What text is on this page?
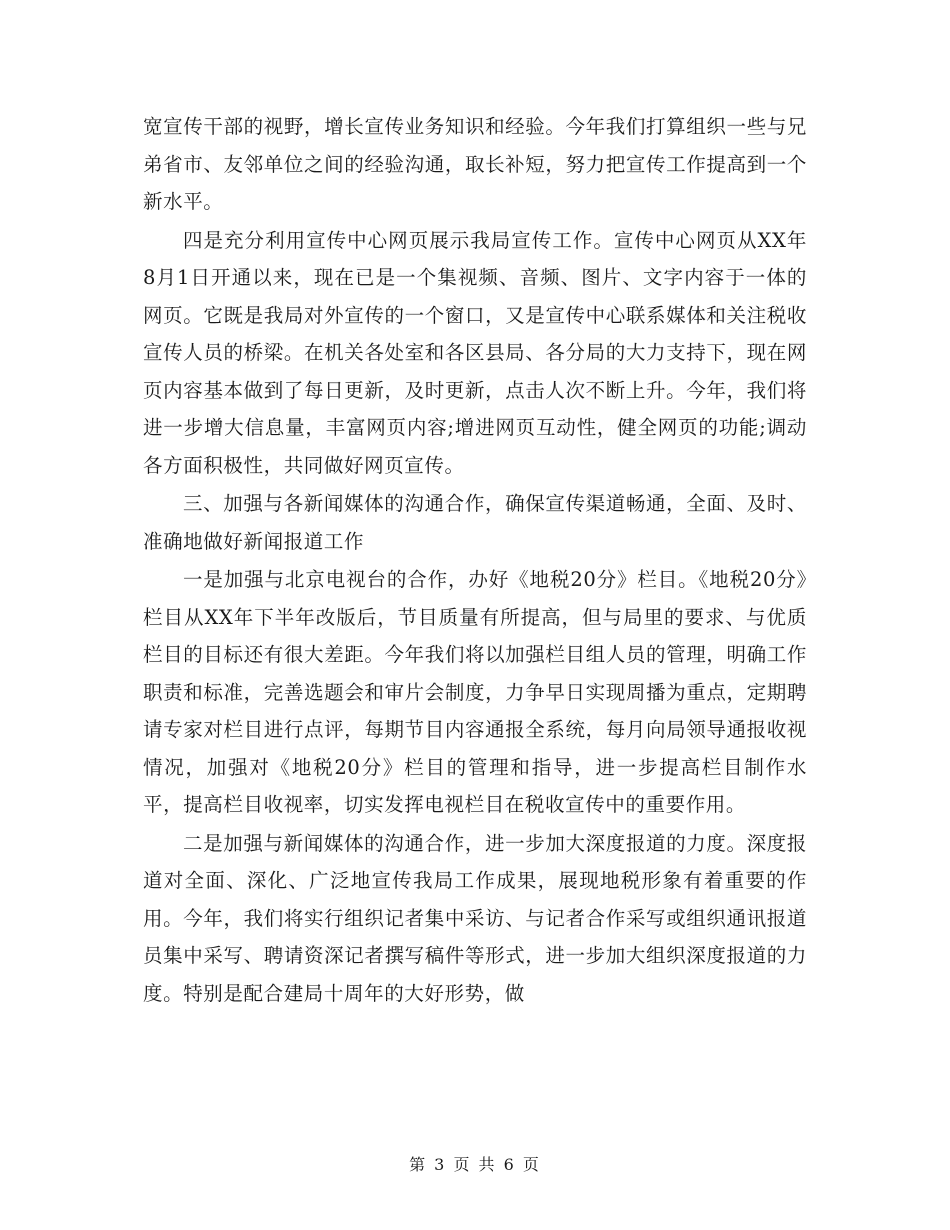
宽宣传干部的视野，增长宣传业务知识和经验。今年我们打算组织一些与兄弟省市、友邻单位之间的经验沟通，取长补短，努力把宣传工作提高到一个新水平。

四是充分利用宣传中心网页展示我局宣传工作。宣传中心网页从XX年8月1日开通以来，现在已是一个集视频、音频、图片、文字内容于一体的网页。它既是我局对外宣传的一个窗口，又是宣传中心联系媒体和关注税收宣传人员的桥梁。在机关各处室和各区县局、各分局的大力支持下，现在网页内容基本做到了每日更新，及时更新，点击人次不断上升。今年，我们将进一步增大信息量，丰富网页内容;增进网页互动性，健全网页的功能;调动各方面积极性，共同做好网页宣传。

三、加强与各新闻媒体的沟通合作，确保宣传渠道畅通，全面、及时、准确地做好新闻报道工作

一是加强与北京电视台的合作，办好《地税20分》栏目。《地税20分》栏目从XX年下半年改版后，节目质量有所提高，但与局里的要求、与优质栏目的目标还有很大差距。今年我们将以加强栏目组人员的管理，明确工作职责和标准，完善选题会和审片会制度，力争早日实现周播为重点，定期聘请专家对栏目进行点评，每期节目内容通报全系统，每月向局领导通报收视情况，加强对《地税20分》栏目的管理和指导，进一步提高栏目制作水平，提高栏目收视率，切实发挥电视栏目在税收宣传中的重要作用。

二是加强与新闻媒体的沟通合作，进一步加大深度报道的力度。深度报道对全面、深化、广泛地宣传我局工作成果，展现地税形象有着重要的作用。今年，我们将实行组织记者集中采访、与记者合作采写或组织通讯报道员集中采写、聘请资深记者撰写稿件等形式，进一步加大组织深度报道的力度。特别是配合建局十周年的大好形势，做

第 3 页 共 6 页
